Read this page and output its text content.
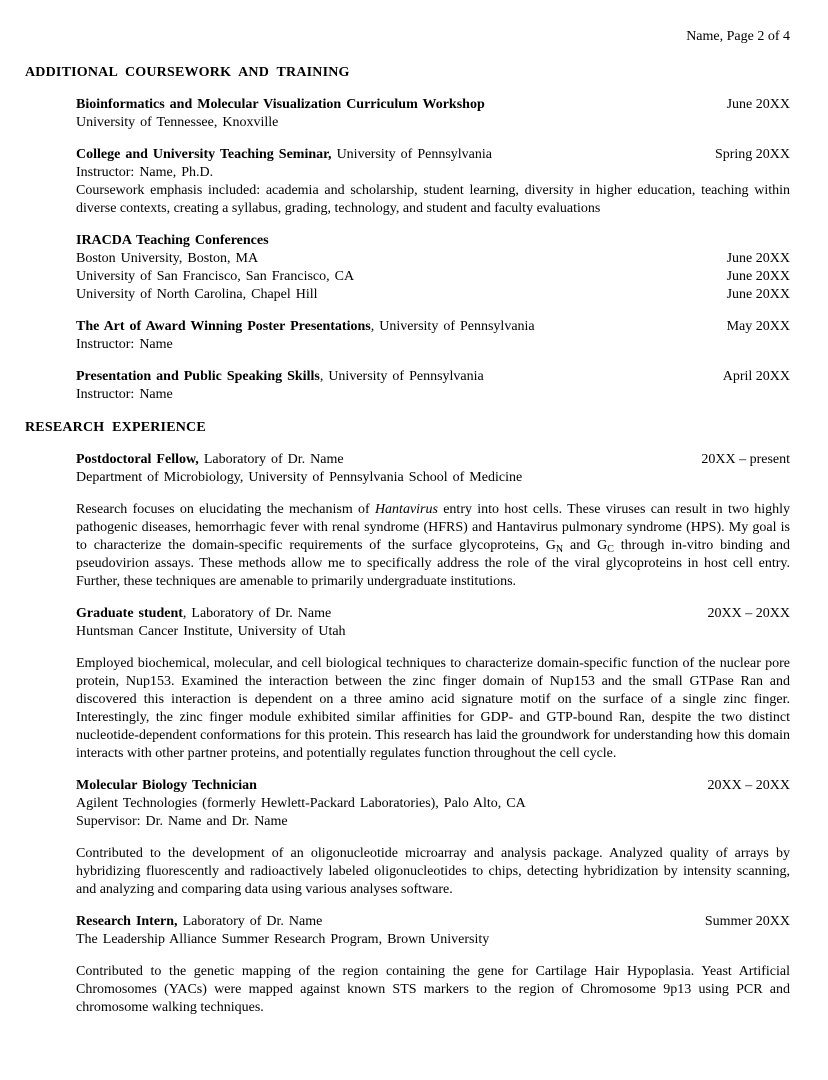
Name, Page 2 of 4
ADDITIONAL COURSEWORK AND TRAINING
Bioinformatics and Molecular Visualization Curriculum Workshop	June 20XX
University of Tennessee, Knoxville
College and University Teaching Seminar, University of Pennsylvania	Spring 20XX
Instructor: Name, Ph.D.
Coursework emphasis included: academia and scholarship, student learning, diversity in higher education, teaching within diverse contexts, creating a syllabus, grading, technology, and student and faculty evaluations
IRACDA Teaching Conferences
Boston University, Boston, MA	June 20XX
University of San Francisco, San Francisco, CA	June 20XX
University of North Carolina, Chapel Hill	June 20XX
The Art of Award Winning Poster Presentations, University of Pennsylvania	May 20XX
Instructor: Name
Presentation and Public Speaking Skills, University of Pennsylvania	April 20XX
Instructor: Name
RESEARCH EXPERIENCE
Postdoctoral Fellow, Laboratory of Dr. Name	20XX – present
Department of Microbiology, University of Pennsylvania School of Medicine
Research focuses on elucidating the mechanism of Hantavirus entry into host cells. These viruses can result in two highly pathogenic diseases, hemorrhagic fever with renal syndrome (HFRS) and Hantavirus pulmonary syndrome (HPS). My goal is to characterize the domain-specific requirements of the surface glycoproteins, $G_N$ and $G_C$ through in-vitro binding and pseudovirion assays. These methods allow me to specifically address the role of the viral glycoproteins in host cell entry. Further, these techniques are amenable to primarily undergraduate institutions.
Graduate student, Laboratory of Dr. Name	20XX – 20XX
Huntsman Cancer Institute, University of Utah
Employed biochemical, molecular, and cell biological techniques to characterize domain-specific function of the nuclear pore protein, Nup153. Examined the interaction between the zinc finger domain of Nup153 and the small GTPase Ran and discovered this interaction is dependent on a three amino acid signature motif on the surface of a single zinc finger. Interestingly, the zinc finger module exhibited similar affinities for GDP- and GTP-bound Ran, despite the two distinct nucleotide-dependent conformations for this protein. This research has laid the groundwork for understanding how this domain interacts with other partner proteins, and potentially regulates function throughout the cell cycle.
Molecular Biology Technician	20XX – 20XX
Agilent Technologies (formerly Hewlett-Packard Laboratories), Palo Alto, CA
Supervisor: Dr. Name and Dr. Name
Contributed to the development of an oligonucleotide microarray and analysis package. Analyzed quality of arrays by hybridizing fluorescently and radioactively labeled oligonucleotides to chips, detecting hybridization by intensity scanning, and analyzing and comparing data using various analyses software.
Research Intern, Laboratory of Dr. Name	Summer 20XX
The Leadership Alliance Summer Research Program, Brown University
Contributed to the genetic mapping of the region containing the gene for Cartilage Hair Hypoplasia. Yeast Artificial Chromosomes (YACs) were mapped against known STS markers to the region of Chromosome 9p13 using PCR and chromosome walking techniques.
